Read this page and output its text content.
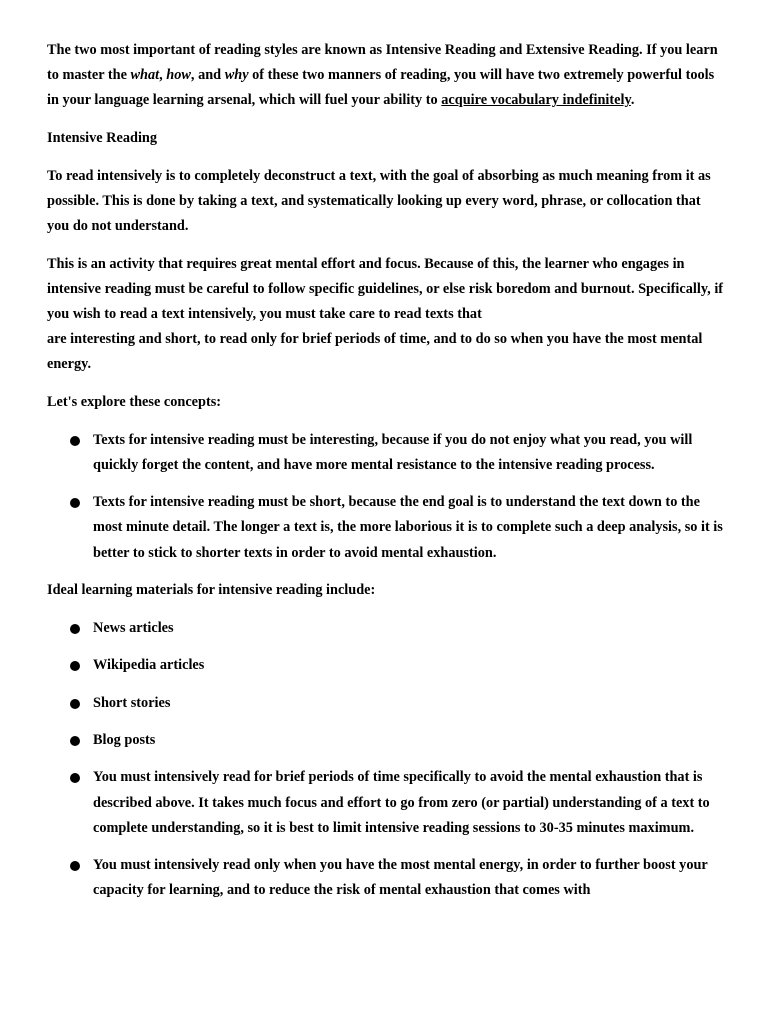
The two most important of reading styles are known as Intensive Reading and Extensive Reading. If you learn to master the what, how, and why of these two manners of reading, you will have two extremely powerful tools in your language learning arsenal, which will fuel your ability to acquire vocabulary indefinitely.

Intensive Reading

To read intensively is to completely deconstruct a text, with the goal of absorbing as much meaning from it as possible. This is done by taking a text, and systematically looking up every word, phrase, or collocation that you do not understand.

This is an activity that requires great mental effort and focus. Because of this, the learner who engages in intensive reading must be careful to follow specific guidelines, or else risk boredom and burnout. Specifically, if you wish to read a text intensively, you must take care to read texts that
are interesting and short, to read only for brief periods of time, and to do so when you have the most mental energy.

Let's explore these concepts:

Texts for intensive reading must be interesting, because if you do not enjoy what you read, you will quickly forget the content, and have more mental resistance to the intensive reading process.
Texts for intensive reading must be short, because the end goal is to understand the text down to the most minute detail. The longer a text is, the more laborious it is to complete such a deep analysis, so it is better to stick to shorter texts in order to avoid mental exhaustion.

Ideal learning materials for intensive reading include:

News articles
Wikipedia articles
Short stories
Blog posts
You must intensively read for brief periods of time specifically to avoid the mental exhaustion that is described above. It takes much focus and effort to go from zero (or partial) understanding of a text to complete understanding, so it is best to limit intensive reading sessions to 30-35 minutes maximum.
You must intensively read only when you have the most mental energy, in order to further boost your capacity for learning, and to reduce the risk of mental exhaustion that comes with
